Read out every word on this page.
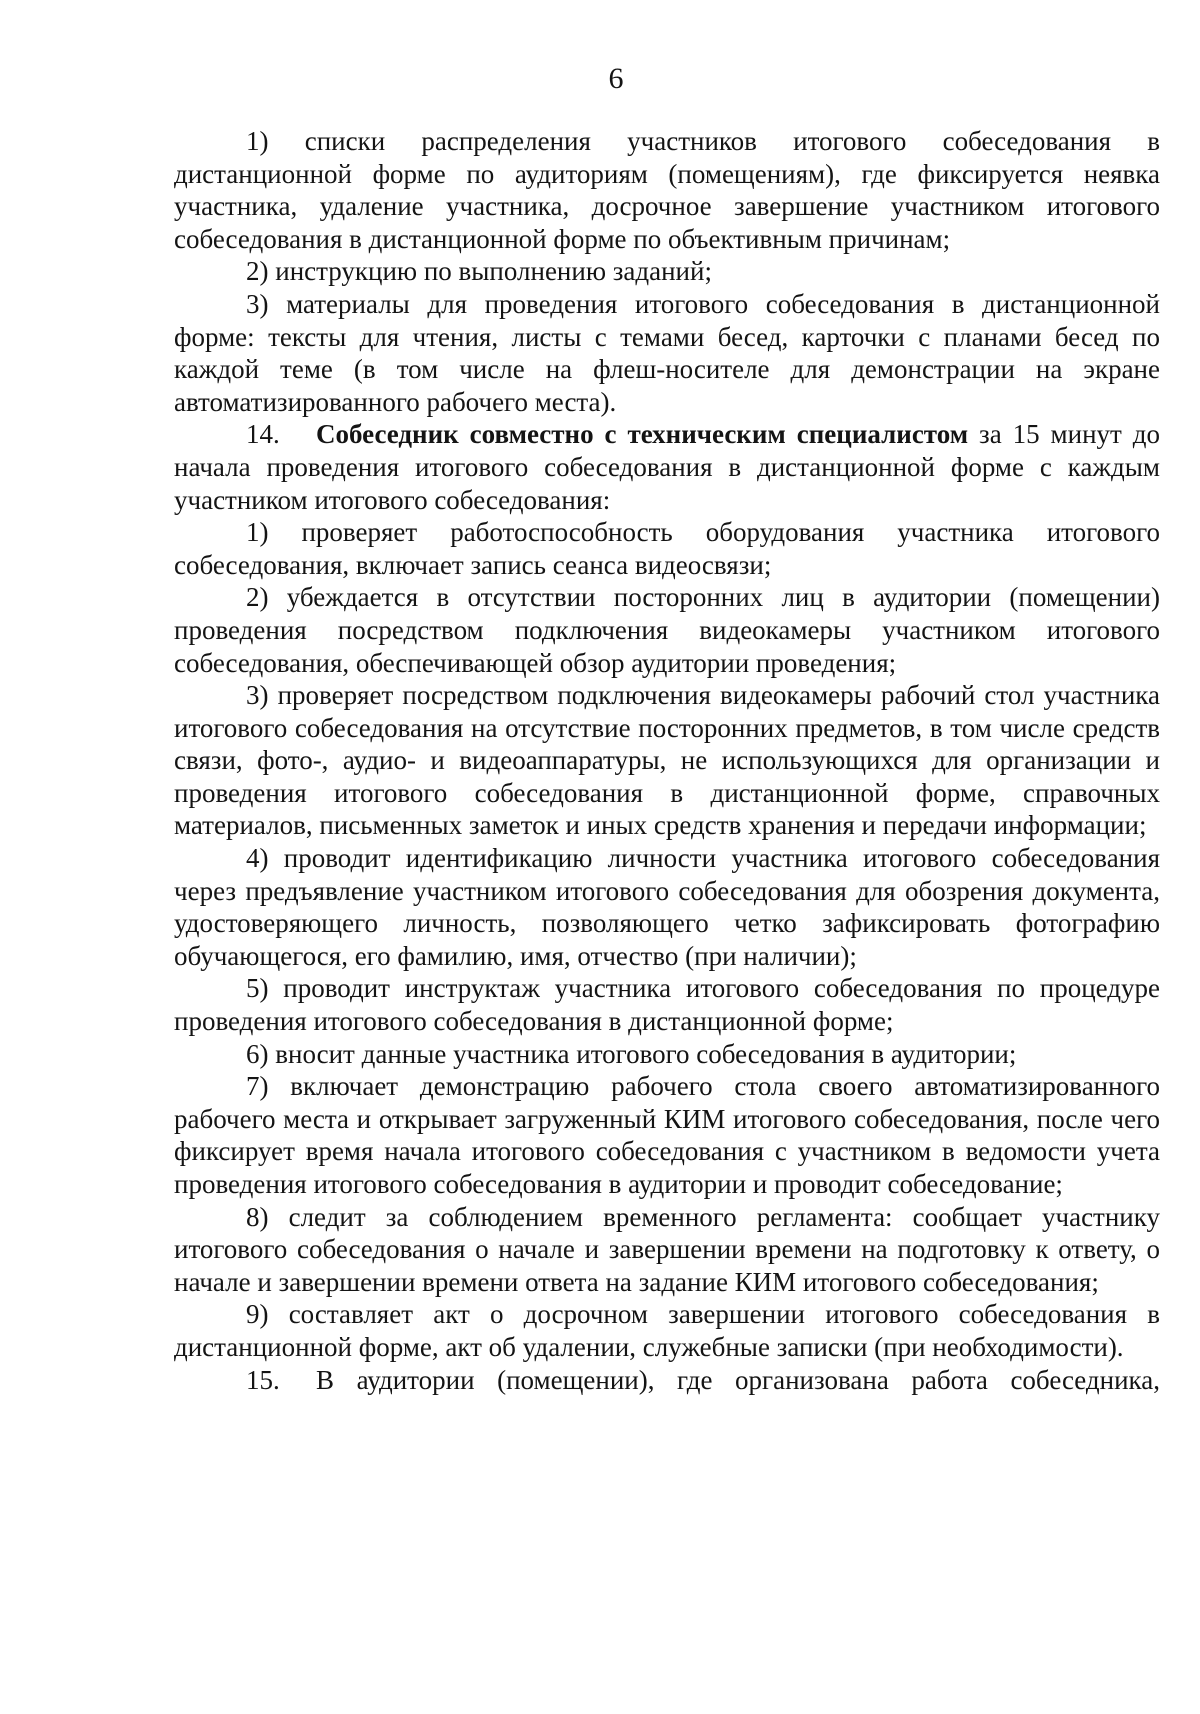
6

1) списки распределения участников итогового собеседования в дистанционной форме по аудиториям (помещениям), где фиксируется неявка участника, удаление участника, досрочное завершение участником итогового собеседования в дистанционной форме по объективным причинам;

2) инструкцию по выполнению заданий;

3) материалы для проведения итогового собеседования в дистанционной форме: тексты для чтения, листы с темами бесед, карточки с планами бесед по каждой теме (в том числе на флеш-носителе для демонстрации на экране автоматизированного рабочего места).

14. Собеседник совместно с техническим специалистом за 15 минут до начала проведения итогового собеседования в дистанционной форме с каждым участником итогового собеседования:

1) проверяет работоспособность оборудования участника итогового собеседования, включает запись сеанса видеосвязи;

2) убеждается в отсутствии посторонних лиц в аудитории (помещении) проведения посредством подключения видеокамеры участником итогового собеседования, обеспечивающей обзор аудитории проведения;

3) проверяет посредством подключения видеокамеры рабочий стол участника итогового собеседования на отсутствие посторонних предметов, в том числе средств связи, фото-, аудио- и видеоаппаратуры, не использующихся для организации и проведения итогового собеседования в дистанционной форме, справочных материалов, письменных заметок и иных средств хранения и передачи информации;

4) проводит идентификацию личности участника итогового собеседования через предъявление участником итогового собеседования для обозрения документа, удостоверяющего личность, позволяющего четко зафиксировать фотографию обучающегося, его фамилию, имя, отчество (при наличии);

5) проводит инструктаж участника итогового собеседования по процедуре проведения итогового собеседования в дистанционной форме;

6) вносит данные участника итогового собеседования в аудитории;

7) включает демонстрацию рабочего стола своего автоматизированного рабочего места и открывает загруженный КИМ итогового собеседования, после чего фиксирует время начала итогового собеседования с участником в ведомости учета проведения итогового собеседования в аудитории и проводит собеседование;

8) следит за соблюдением временного регламента: сообщает участнику итогового собеседования о начале и завершении времени на подготовку к ответу, о начале и завершении времени ответа на задание КИМ итогового собеседования;

9) составляет акт о досрочном завершении итогового собеседования в дистанционной форме, акт об удалении, служебные записки (при необходимости).

15. В аудитории (помещении), где организована работа собеседника,
